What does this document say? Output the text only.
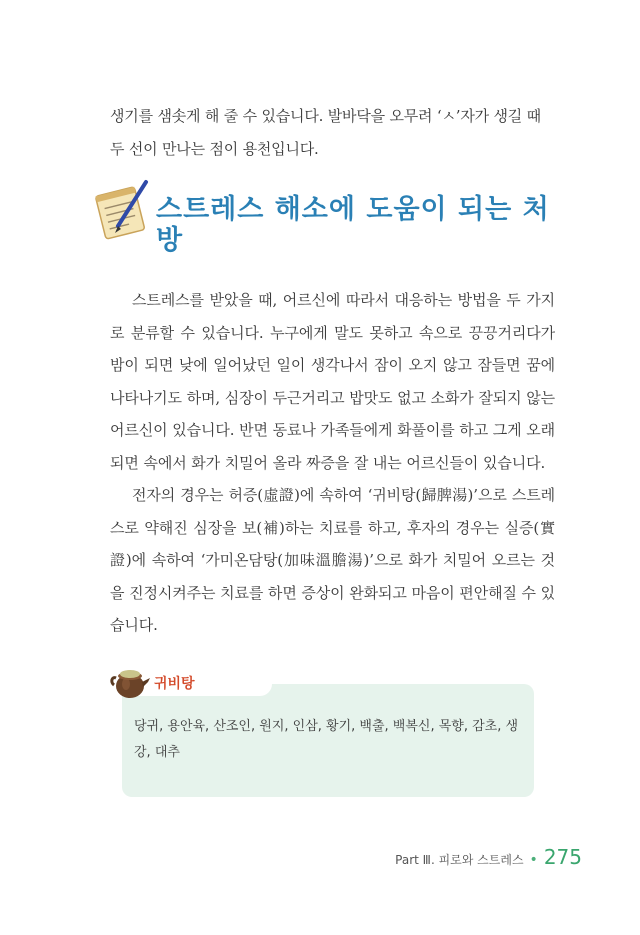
생기를 샘솟게 해 줄 수 있습니다. 발바닥을 오무려 ‘ㅅ’자가 생길 때 두 선이 만나는 점이 용천입니다.

스트레스 해소에 도움이 되는 처방

스트레스를 받았을 때, 어르신에 따라서 대응하는 방법을 두 가지로 분류할 수 있습니다. 누구에게 말도 못하고 속으로 끙끙거리다가 밤이 되면 낮에 일어났던 일이 생각나서 잠이 오지 않고 잠들면 꿈에 나타나기도 하며, 심장이 두근거리고 밥맛도 없고 소화가 잘되지 않는 어르신이 있습니다. 반면 동료나 가족들에게 화풀이를 하고 그게 오래되면 속에서 화가 치밀어 올라 짜증을 잘 내는 어르신들이 있습니다.

전자의 경우는 허증(虛證)에 속하여 ‘귀비탕(歸脾湯)’으로 스트레스로 약해진 심장을 보(補)하는 치료를 하고, 후자의 경우는 실증(實證)에 속하여 ‘가미온담탕(加味溫膽湯)’으로 화가 치밀어 오르는 것을 진정시켜주는 치료를 하면 증상이 완화되고 마음이 편안해질 수 있습니다.

귀비탕

당귀, 용안육, 산조인, 원지, 인삼, 황기, 백출, 백복신, 목향, 감초, 생강, 대추

Part Ⅲ. 피로와 스트레스 • 275
